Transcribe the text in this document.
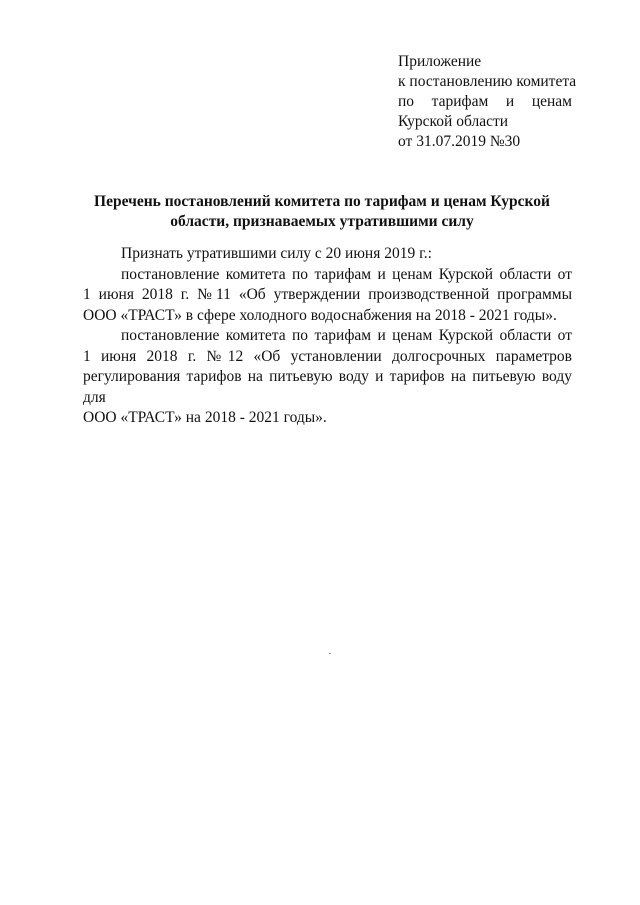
Приложение
к постановлению комитета
по тарифам и ценам
Курской области
от 31.07.2019 №30
Перечень постановлений комитета по тарифам и ценам Курской
области, признаваемых утратившими силу
Признать утратившими силу с 20 июня 2019 г.:
постановление комитета по тарифам и ценам Курской области от
1 июня 2018 г. №11 «Об утверждении производственной программы
ООО «ТРАСТ» в сфере холодного водоснабжения на 2018 - 2021 годы».
постановление комитета по тарифам и ценам Курской области от
1 июня 2018 г. №12 «Об установлении долгосрочных параметров
регулирования тарифов на питьевую воду и тарифов на питьевую воду для
ООО «ТРАСТ» на 2018 - 2021 годы».
